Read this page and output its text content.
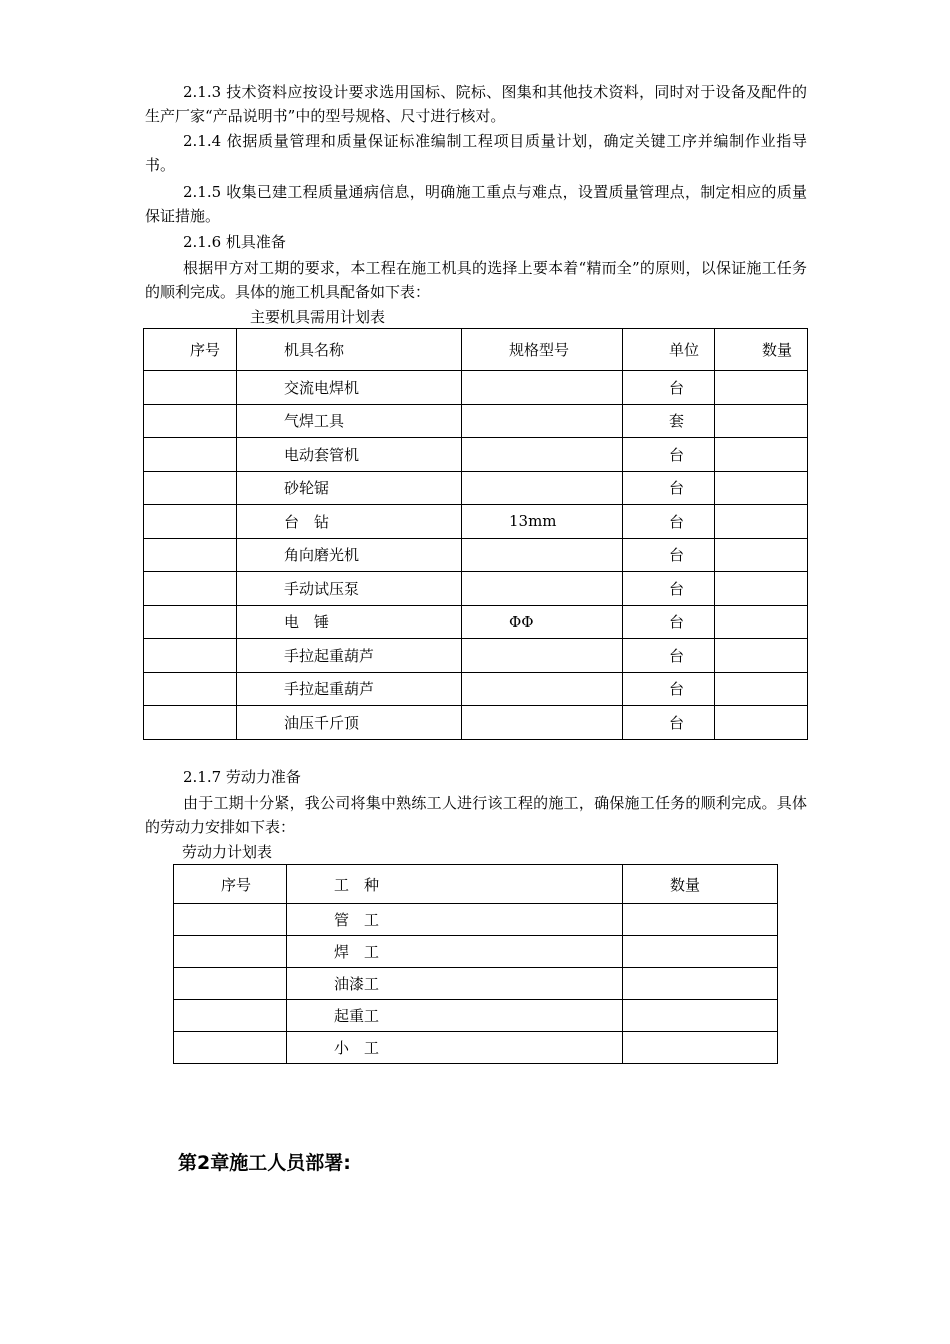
2.1.3 技术资料应按设计要求选用国标、院标、图集和其他技术资料，同时对于设备及配件的生产厂家“产品说明书”中的型号规格、尺寸进行核对。

2.1.4 依据质量管理和质量保证标准编制工程项目质量计划，确定关键工序并编制作业指导书。

2.1.5 收集已建工程质量通病信息，明确施工重点与难点，设置质量管理点，制定相应的质量保证措施。

2.1.6 机具准备

根据甲方对工期的要求，本工程在施工机具的选择上要本着“精而全”的原则，以保证施工任务的顺利完成。具体的施工机具配备如下表：

主要机具需用计划表

序号	机具名称	规格型号	单位	数量
	交流电焊机		台	
	气焊工具		套	
	电动套管机		台	
	砂轮锯		台	
	台　钻	13mm	台	
	角向磨光机		台	
	手动试压泵		台	
	电　锤	ΦΦ	台	
	手拉起重葫芦		台	
	手拉起重葫芦		台	
	油压千斤顶		台	

2.1.7 劳动力准备

由于工期十分紧，我公司将集中熟练工人进行该工程的施工，确保施工任务的顺利完成。具体的劳动力安排如下表：

劳动力计划表

序号	工　种	数量
	管　工	
	焊　工	
	油漆工	
	起重工	
	小　工	

第2章施工人员部署:
